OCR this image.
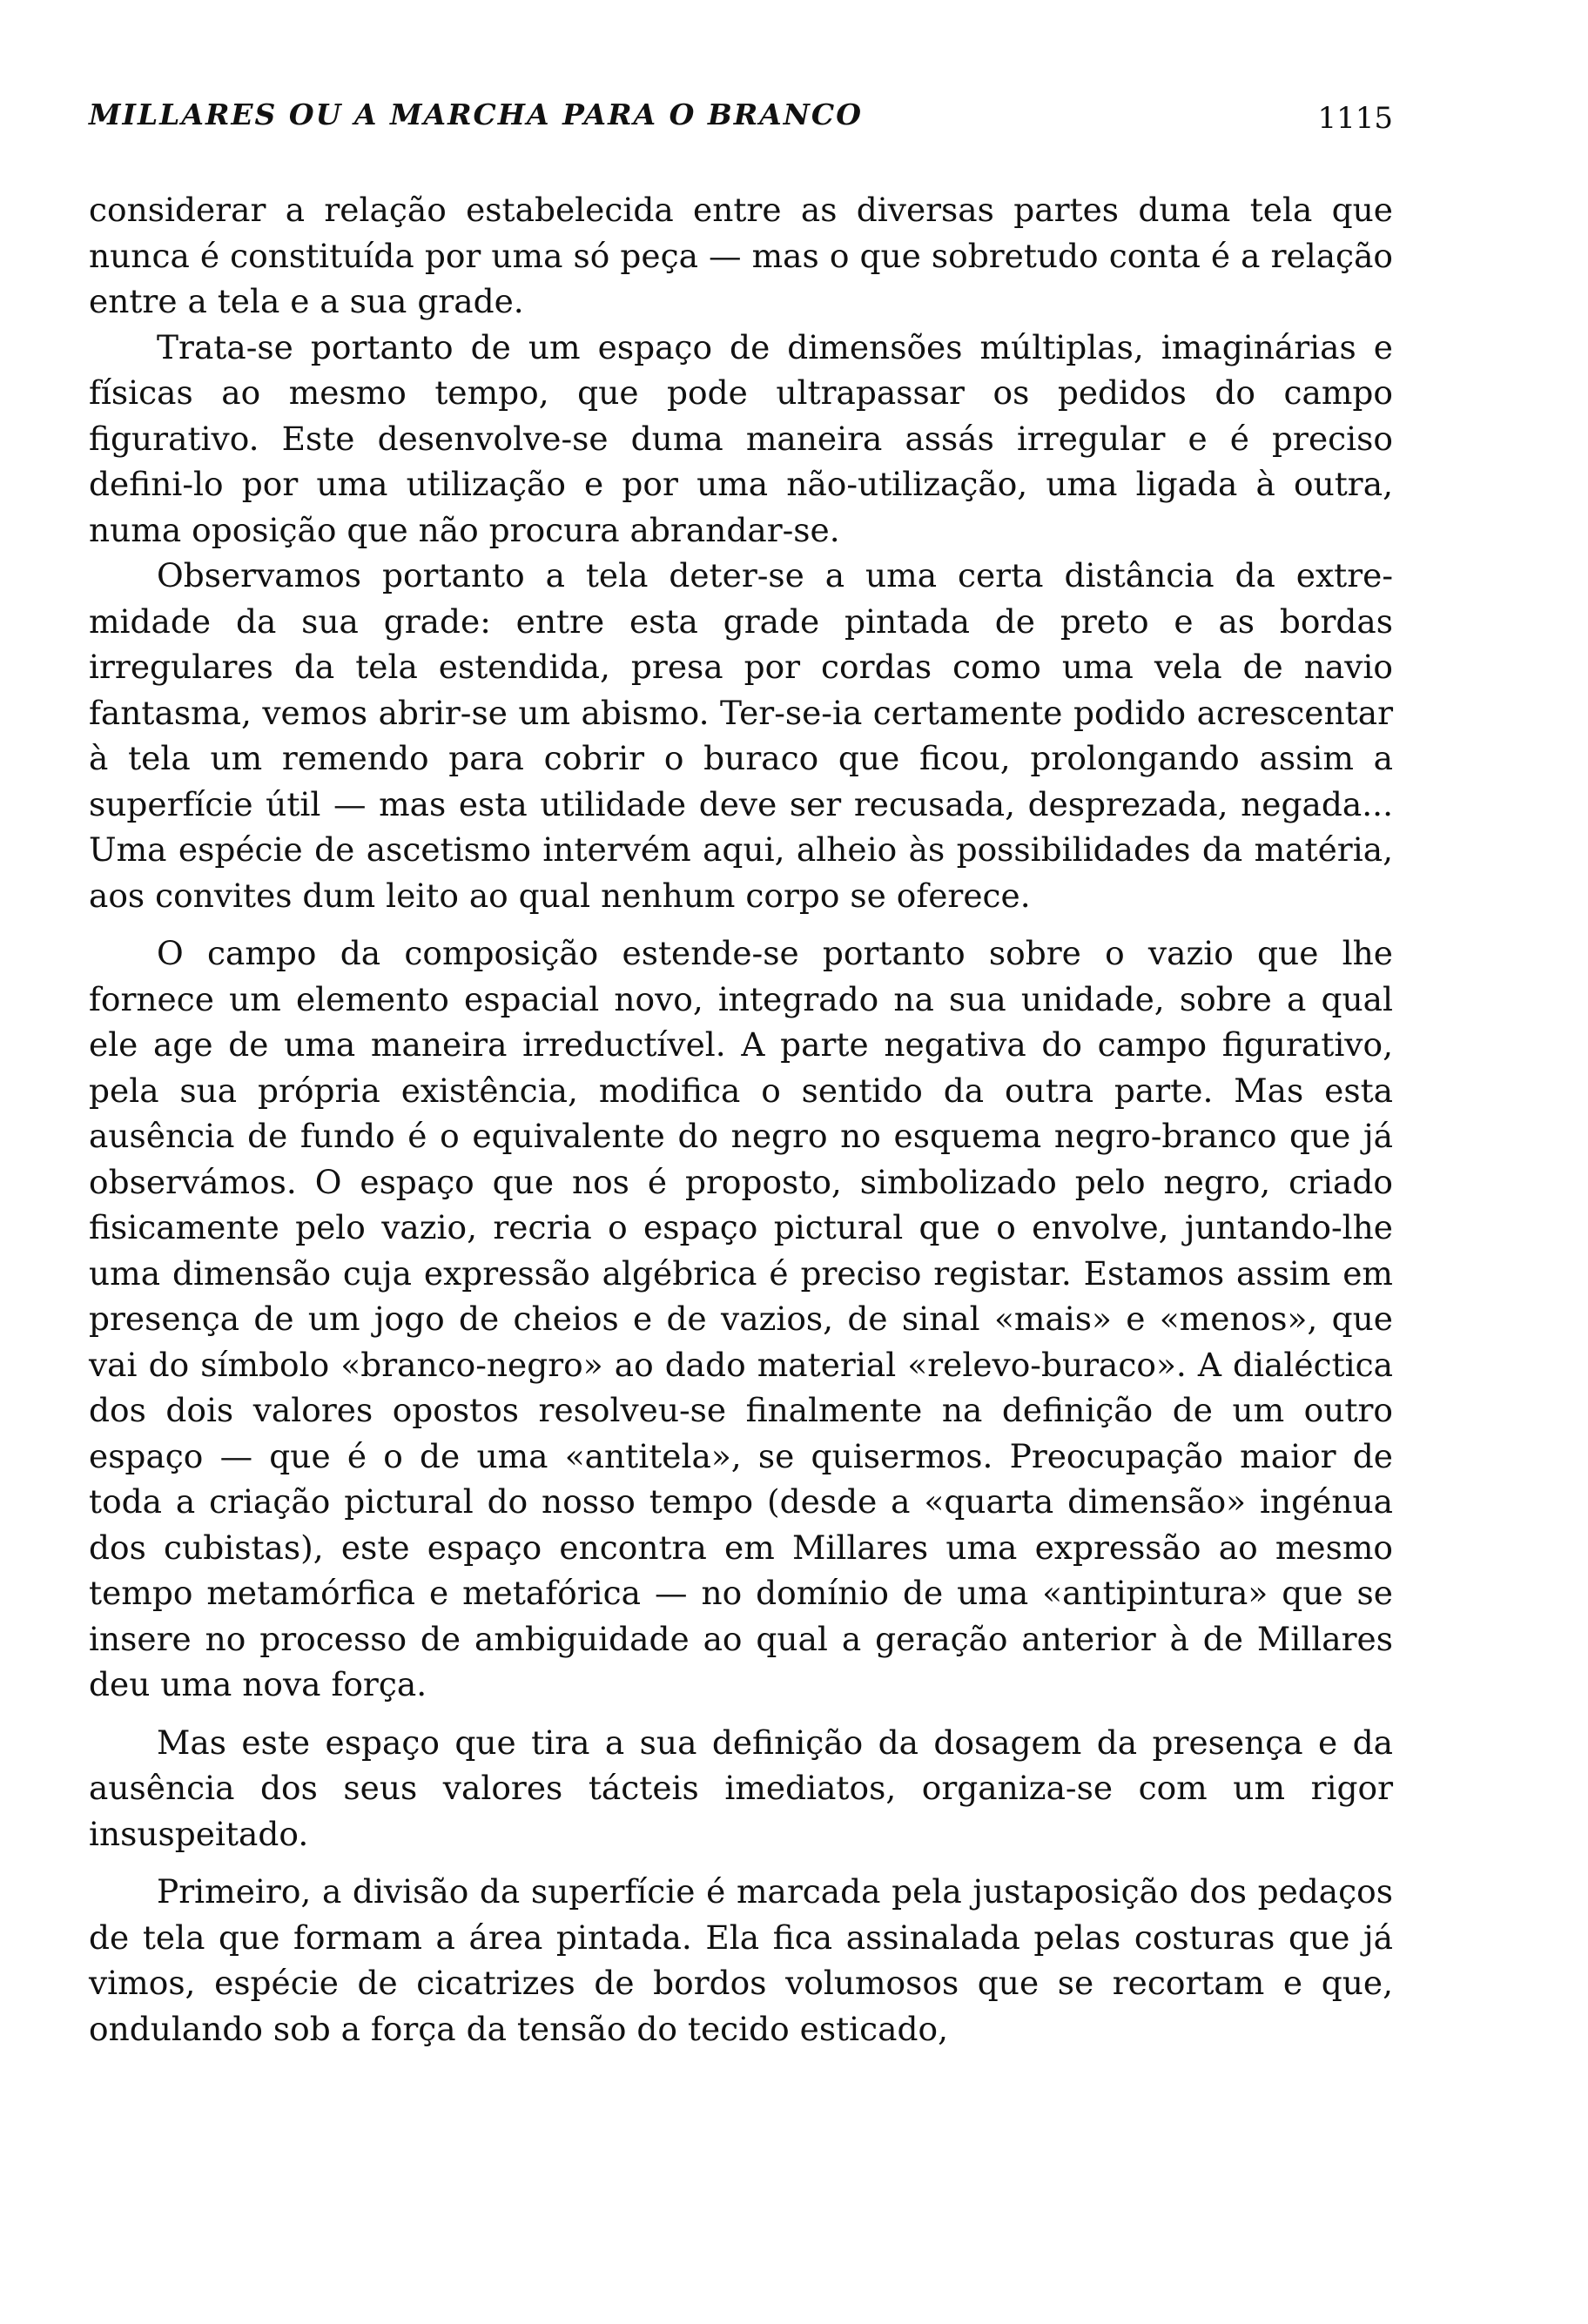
MILLARES OU A MARCHA PARA O BRANCO	1115

considerar a relação estabelecida entre as diversas partes duma tela que nunca é constituída por uma só peça — mas o que sobretudo conta é a relação entre a tela e a sua grade.

Trata-se portanto de um espaço de dimensões múltiplas, imaginárias e físicas ao mesmo tempo, que pode ultrapassar os pedidos do campo figurativo. Este desenvolve-se duma maneira assás irregular e é preciso defini-lo por uma utilização e por uma não-utilização, uma ligada à outra, numa oposição que não procura abrandar-se.

Observamos portanto a tela deter-se a uma certa distância da extremidade da sua grade: entre esta grade pintada de preto e as bordas irregulares da tela estendida, presa por cordas como uma vela de navio fantasma, vemos abrir-se um abismo. Ter-se-ia certamente podido acrescentar à tela um remendo para cobrir o buraco que ficou, prolongando assim a superfície útil — mas esta utilidade deve ser recusada, desprezada, negada... Uma espécie de ascetismo intervém aqui, alheio às possibilidades da matéria, aos convites dum leito ao qual nenhum corpo se oferece.

O campo da composição estende-se portanto sobre o vazio que lhe fornece um elemento espacial novo, integrado na sua unidade, sobre a qual ele age de uma maneira irreductível. A parte negativa do campo figurativo, pela sua própria existência, modifica o sentido da outra parte. Mas esta ausência de fundo é o equivalente do negro no esquema negro-branco que já observámos. O espaço que nos é proposto, simbolizado pelo negro, criado fisicamente pelo vazio, recria o espaço pictural que o envolve, juntando-lhe uma dimensão cuja expressão algébrica é preciso registar. Estamos assim em presença de um jogo de cheios e de vazios, de sinal «mais» e «menos», que vai do símbolo «branco-negro» ao dado material «relevo-buraco». A dialéctica dos dois valores opostos resolveu-se finalmente na definição de um outro espaço — que é o de uma «antitela», se quisermos. Preocupação maior de toda a criação pictural do nosso tempo (desde a «quarta dimensão» ingénua dos cubistas), este espaço encontra em Millares uma expressão ao mesmo tempo metamórfica e metafórica — no domínio de uma «antipintura» que se insere no processo de ambiguidade ao qual a geração anterior à de Millares deu uma nova força.

Mas este espaço que tira a sua definição da dosagem da presença e da ausência dos seus valores tácteis imediatos, organiza-se com um rigor insuspeitado.

Primeiro, a divisão da superfície é marcada pela justaposição dos pedaços de tela que formam a área pintada. Ela fica assinalada pelas costuras que já vimos, espécie de cicatrizes de bordos volumosos que se recortam e que, ondulando sob a força da tensão do tecido esticado,
